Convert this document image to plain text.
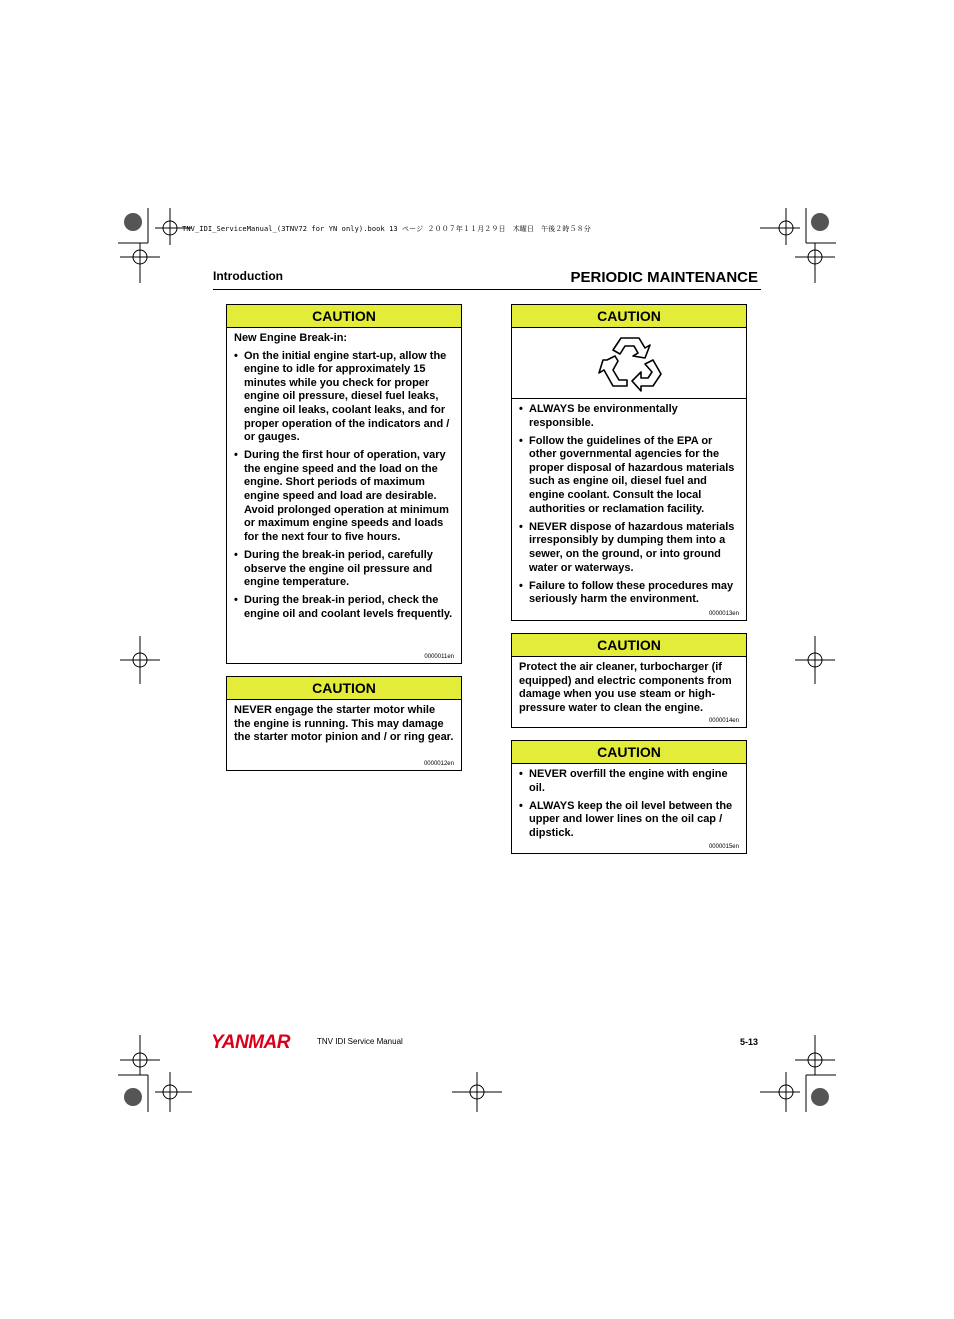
TNV_IDI_ServiceManual_(3TNV72 for YN only).book 13 ページ ２００７年１１月２９日　木曜日　午後２時５８分
Introduction	PERIODIC MAINTENANCE
CAUTION

New Engine Break-in:

• On the initial engine start-up, allow the engine to idle for approximately 15 minutes while you check for proper engine oil pressure, diesel fuel leaks, engine oil leaks, coolant leaks, and for proper operation of the indicators and / or gauges.
• During the first hour of operation, vary the engine speed and the load on the engine. Short periods of maximum engine speed and load are desirable. Avoid prolonged operation at minimum or maximum engine speeds and loads for the next four to five hours.
• During the break-in period, carefully observe the engine oil pressure and engine temperature.
• During the break-in period, check the engine oil and coolant levels frequently.
0000011en
CAUTION

NEVER engage the starter motor while the engine is running. This may damage the starter motor pinion and / or ring gear.

0000012en
CAUTION
• ALWAYS be environmentally responsible.
• Follow the guidelines of the EPA or other governmental agencies for the proper disposal of hazardous materials such as engine oil, diesel fuel and engine coolant. Consult the local authorities or reclamation facility.
• NEVER dispose of hazardous materials irresponsibly by dumping them into a sewer, on the ground, or into ground water or waterways.
• Failure to follow these procedures may seriously harm the environment.
0000013en
CAUTION

Protect the air cleaner, turbocharger (if equipped) and electric components from damage when you use steam or high-pressure water to clean the engine.

0000014en
CAUTION
• NEVER overfill the engine with engine oil.
• ALWAYS keep the oil level between the upper and lower lines on the oil cap / dipstick.
0000015en
YANMAR	TNV IDI Service Manual	5-13
